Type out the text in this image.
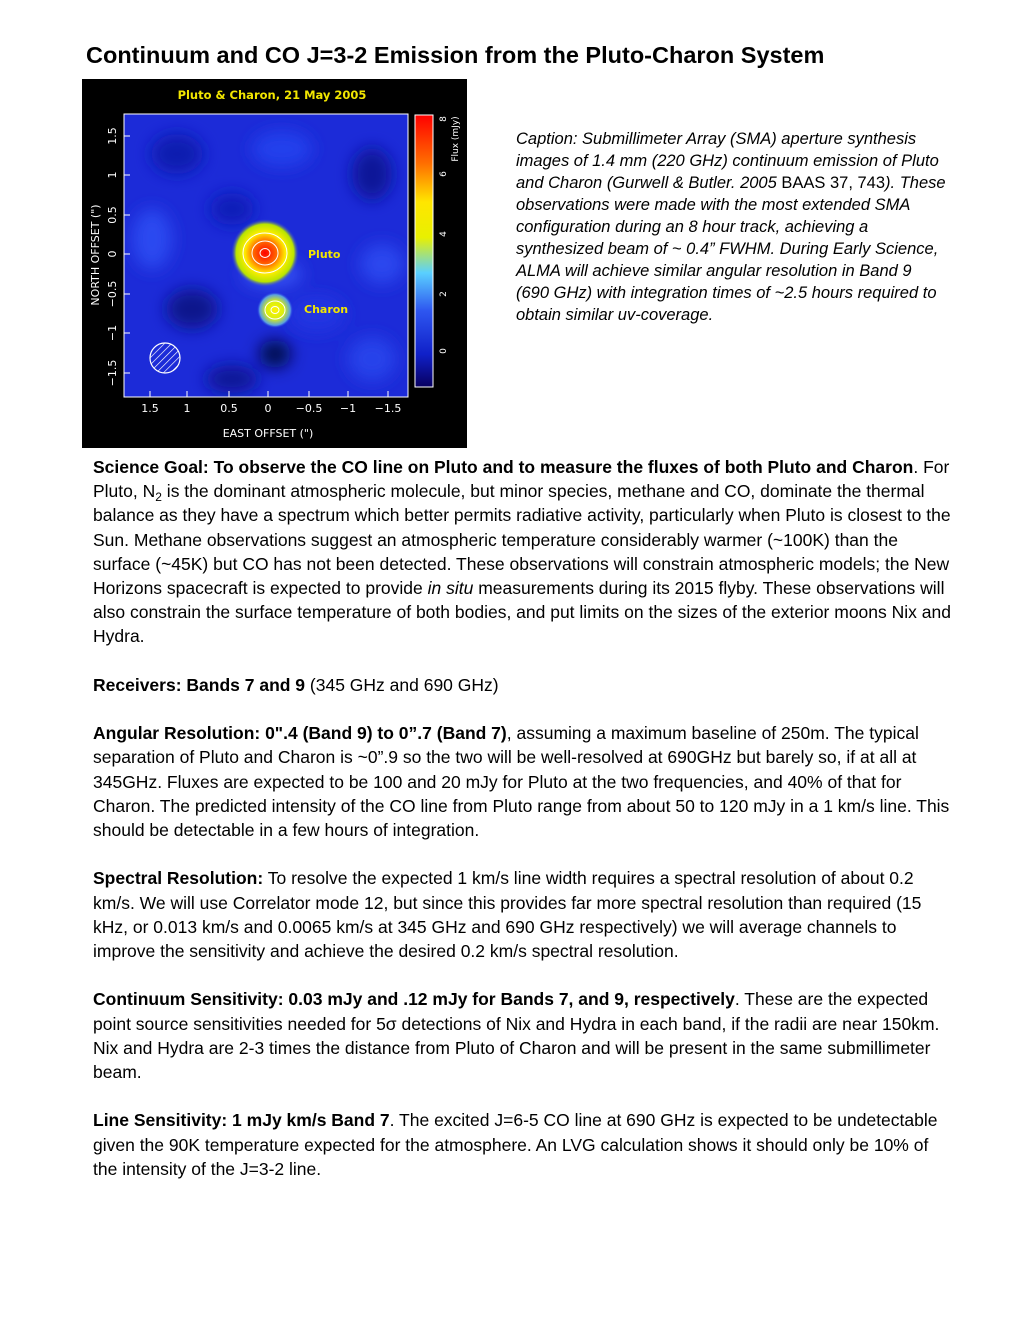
Continuum and CO J=3-2 Emission from the Pluto-Charon System
Pluto & Charon, 21 May 2005
Pluto
Charon
1.5
1
0.5
0
−0.5
−1
−1.5
NORTH OFFSET (")
1.5 1	0.5 0 −0.5 −1 −1.5
EAST OFFSET (")
8
6
4
2
0
Flux (mJy)	Caption: Submillimeter Array (SMA) aperture synthesis images of 1.4 mm (220 GHz) continuum emission of Pluto and Charon (Gurwell & Butler. 2005 BAAS 37, 743). These observations were made with the most extended SMA configuration during an 8 hour track, achieving a synthesized beam of ~ 0.4” FWHM. During Early Science, ALMA will achieve similar angular resolution in Band 9 (690 GHz) with integration times of ~2.5 hours required to obtain similar uv-coverage.

Science Goal: To observe the CO line on Pluto and to measure the fluxes of both Pluto and Charon. For Pluto, $N_2$ is the dominant atmospheric molecule, but minor species, methane and CO, dominate the thermal balance as they have a spectrum which better permits radiative activity, particularly when Pluto is closest to the Sun. Methane observations suggest an atmospheric temperature considerably warmer (~100K) than the surface (~45K) but CO has not been detected. These observations will constrain atmospheric models; the New Horizons spacecraft is expected to provide in situ measurements during its 2015 flyby. These observations will also constrain the surface temperature of both bodies, and put limits on the sizes of the exterior moons Nix and Hydra.

Receivers: Bands 7 and 9 (345 GHz and 690 GHz)

Angular Resolution: 0".4 (Band 9) to 0”.7 (Band 7), assuming a maximum baseline of 250m. The typical separation of Pluto and Charon is ~0”.9 so the two will be well-resolved at 690GHz but barely so, if at all at 345GHz. Fluxes are expected to be 100 and 20 mJy for Pluto at the two frequencies, and 40% of that for Charon. The predicted intensity of the CO line from Pluto range from about 50 to 120 mJy in a 1 km/s line. This should be detectable in a few hours of integration.

Spectral Resolution: To resolve the expected 1 km/s line width requires a spectral resolution of about 0.2 km/s. We will use Correlator mode 12, but since this provides far more spectral resolution than required (15 kHz, or 0.013 km/s and 0.0065 km/s at 345 GHz and 690 GHz respectively) we will average channels to improve the sensitivity and achieve the desired 0.2 km/s spectral resolution.

Continuum Sensitivity: 0.03 mJy and .12 mJy for Bands 7, and 9, respectively. These are the expected point source sensitivities needed for 5σ detections of Nix and Hydra in each band, if the radii are near 150km. Nix and Hydra are 2-3 times the distance from Pluto of Charon and will be present in the same submillimeter beam.

Line Sensitivity: 1 mJy km/s Band 7. The excited J=6-5 CO line at 690 GHz is expected to be undetectable given the 90K temperature expected for the atmosphere. An LVG calculation shows it should only be 10% of the intensity of the J=3-2 line.
